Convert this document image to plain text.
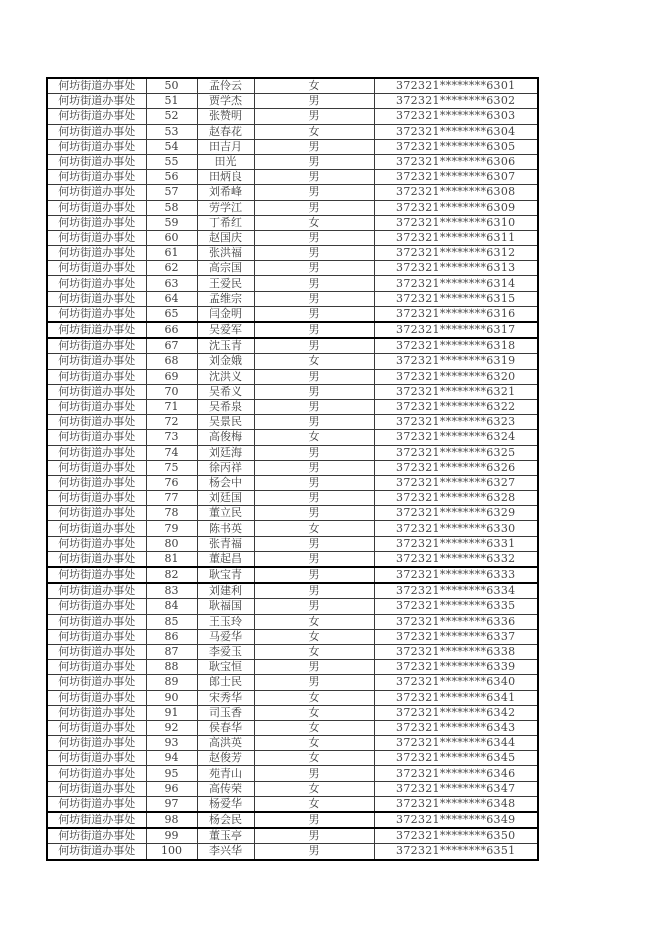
何坊街道办事处	50	孟伶云	女	372321********6301
何坊街道办事处	51	贾学杰	男	372321********6302
何坊街道办事处	52	张赞明	男	372321********6303
何坊街道办事处	53	赵春花	女	372321********6304
何坊街道办事处	54	田吉月	男	372321********6305
何坊街道办事处	55	田光	男	372321********6306
何坊街道办事处	56	田炳良	男	372321********6307
何坊街道办事处	57	刘希峰	男	372321********6308
何坊街道办事处	58	劳学江	男	372321********6309
何坊街道办事处	59	丁希红	女	372321********6310
何坊街道办事处	60	赵国庆	男	372321********6311
何坊街道办事处	61	张洪福	男	372321********6312
何坊街道办事处	62	高宗国	男	372321********6313
何坊街道办事处	63	王爱民	男	372321********6314
何坊街道办事处	64	孟维宗	男	372321********6315
何坊街道办事处	65	闫金明	男	372321********6316
何坊街道办事处	66	吴爱军	男	372321********6317
何坊街道办事处	67	沈玉青	男	372321********6318
何坊街道办事处	68	刘金娥	女	372321********6319
何坊街道办事处	69	沈洪义	男	372321********6320
何坊街道办事处	70	吴希义	男	372321********6321
何坊街道办事处	71	吴希泉	男	372321********6322
何坊街道办事处	72	吴景民	男	372321********6323
何坊街道办事处	73	高俊梅	女	372321********6324
何坊街道办事处	74	刘廷海	男	372321********6325
何坊街道办事处	75	徐丙祥	男	372321********6326
何坊街道办事处	76	杨会中	男	372321********6327
何坊街道办事处	77	刘廷国	男	372321********6328
何坊街道办事处	78	董立民	男	372321********6329
何坊街道办事处	79	陈书英	女	372321********6330
何坊街道办事处	80	张青福	男	372321********6331
何坊街道办事处	81	董起昌	男	372321********6332
何坊街道办事处	82	耿宝青	男	372321********6333
何坊街道办事处	83	刘建利	男	372321********6334
何坊街道办事处	84	耿福国	男	372321********6335
何坊街道办事处	85	王玉玲	女	372321********6336
何坊街道办事处	86	马爱华	女	372321********6337
何坊街道办事处	87	李爱玉	女	372321********6338
何坊街道办事处	88	耿宝恒	男	372321********6339
何坊街道办事处	89	郎士民	男	372321********6340
何坊街道办事处	90	宋秀华	女	372321********6341
何坊街道办事处	91	司玉香	女	372321********6342
何坊街道办事处	92	侯春华	女	372321********6343
何坊街道办事处	93	高洪英	女	372321********6344
何坊街道办事处	94	赵俊芳	女	372321********6345
何坊街道办事处	95	苑青山	男	372321********6346
何坊街道办事处	96	高传荣	女	372321********6347
何坊街道办事处	97	杨爱华	女	372321********6348
何坊街道办事处	98	杨会民	男	372321********6349
何坊街道办事处	99	董玉亭	男	372321********6350
何坊街道办事处	100	李兴华	男	372321********6351
